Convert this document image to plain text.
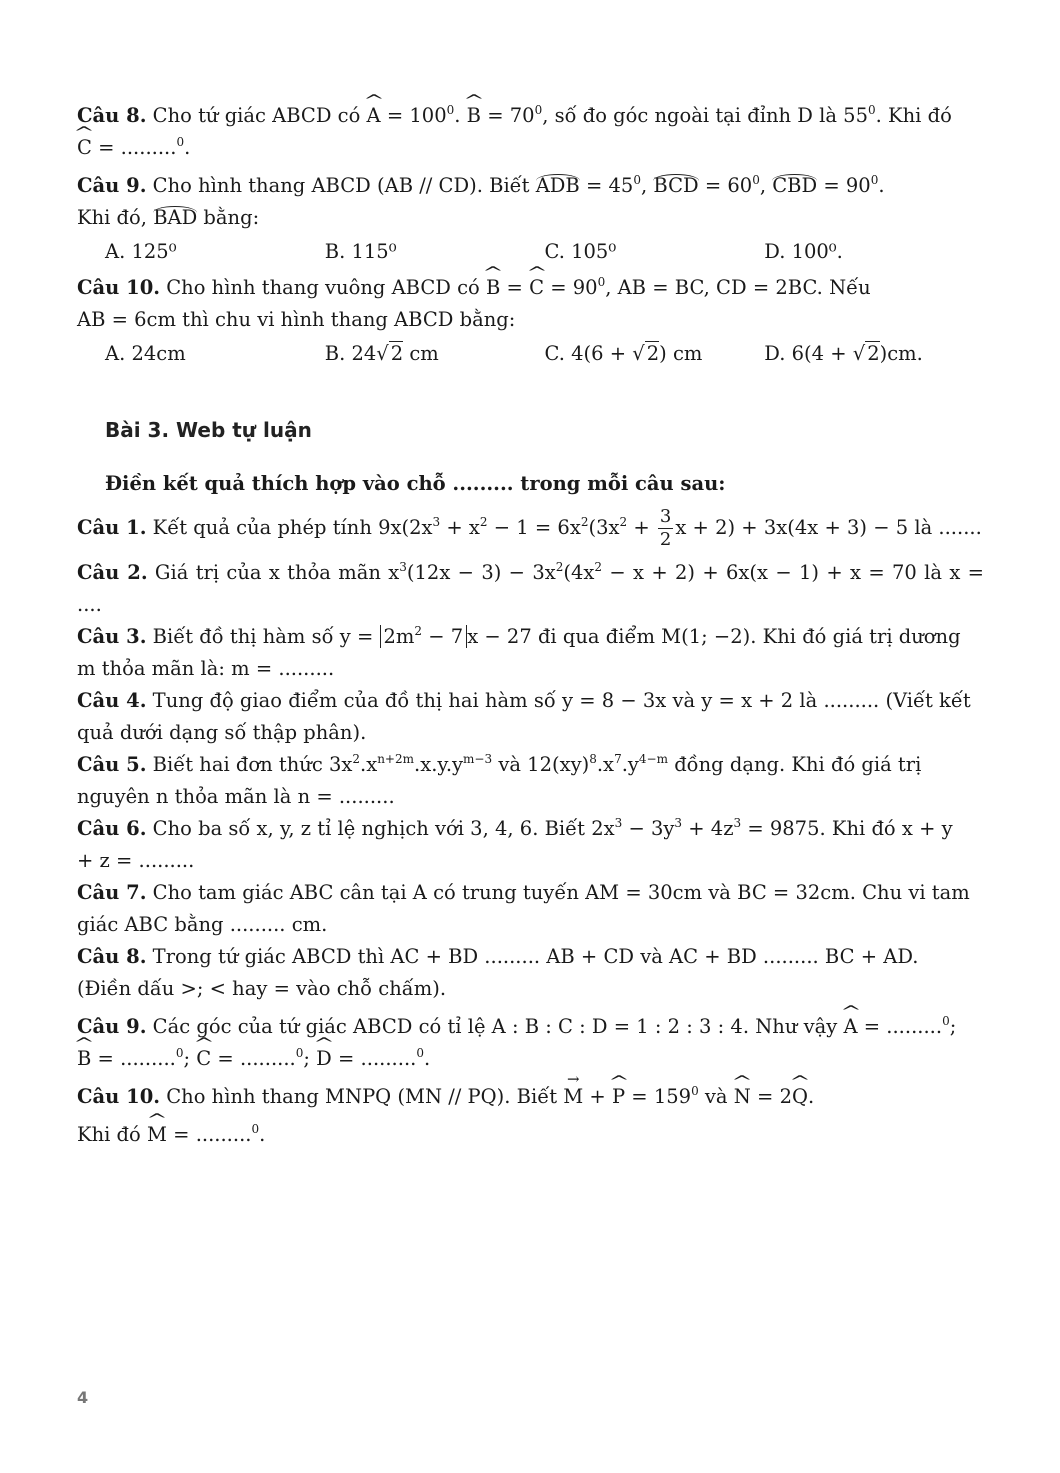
Câu 8. Cho tứ giác ABCD có ^ $A = 100^0$. ^ $B = 70^0$, số đo góc ngoài tại đỉnh D là $55^0$. Khi đó
^ C = .........$^0$.

Câu 9. Cho hình thang ABCD (AB // CD). Biết ADB = $45^0$, BCD = $60^0$, CBD = $90^0$.
Khi đó, BAD bằng:

A. 125⁰	B. 115⁰	C. 105⁰	D. 100⁰.

Câu 10. Cho hình thang vuông ABCD có ^ B = ^ $C = 90^0$, AB = BC, CD = 2BC. Nếu
AB = 6cm thì chu vi hình thang ABCD bằng:

A. 24cm	B. 24√ 2 cm	C. 4(6 + √ 2) cm	D. 6(4 + √ 2)cm.
Bài 3. Web tự luận
Điền kết quả thích hợp vào chỗ ......... trong mỗi câu sau:

Câu 1. Kết quả của phép tính $9x(2x^3 + x^2 - 1 = 6x^2(3x^2 + \frac{3}{2}$ x + 2) + 3x(4x + 3) − 5 là .......

Câu 2. Giá trị của x thỏa mãn $x^3(12x - 3) - 3x^2(4x^2 - x + 2) + 6x(x - 1) + x = 70$ là x = ....

Câu 3. Biết đồ thị hàm số $y = 2m^2 - 7$ x − 27 đi qua điểm M(1; −2). Khi đó giá trị dương
m thỏa mãn là: m = .........

Câu 4. Tung độ giao điểm của đồ thị hai hàm số y = 8 − 3x và y = x + 2 là ......... (Viết kết
quả dưới dạng số thập phân).

Câu 5. Biết hai đơn thức $3x^2.x^{n+2m}.x.y.y^{m-3}$ và $12(xy)^8.x^7.y^{4-m}$ đồng dạng. Khi đó giá trị
nguyên n thỏa mãn là n = .........

Câu 6. Cho ba số x, y, z tỉ lệ nghịch với 3, 4, 6. Biết $2x^3 - 3y^3 + 4z^3 = 9875$. Khi đó x + y
+ z = .........

Câu 7. Cho tam giác ABC cân tại A có trung tuyến AM = 30cm và BC = 32cm. Chu vi tam
giác ABC bằng ......... cm.

Câu 8. Trong tứ giác ABCD thì AC + BD ......... AB + CD và AC + BD ......... BC + AD.
(Điền dấu >; < hay = vào chỗ chấm).

Câu 9. Các góc của tứ giác ABCD có tỉ lệ A : B : C : D = 1 : 2 : 3 : 4. Như vậy ^ A = .........$^0$;
^ B = .........$^0$; ^ C = .........$^0$; ^ D = .........$^0$.

Câu 10. Cho hình thang MNPQ (MN // PQ). Biết → M + ^ $P = 159^0$ và ^ N = 2^ Q.

Khi đó ^ M = .........$^0$.

4
